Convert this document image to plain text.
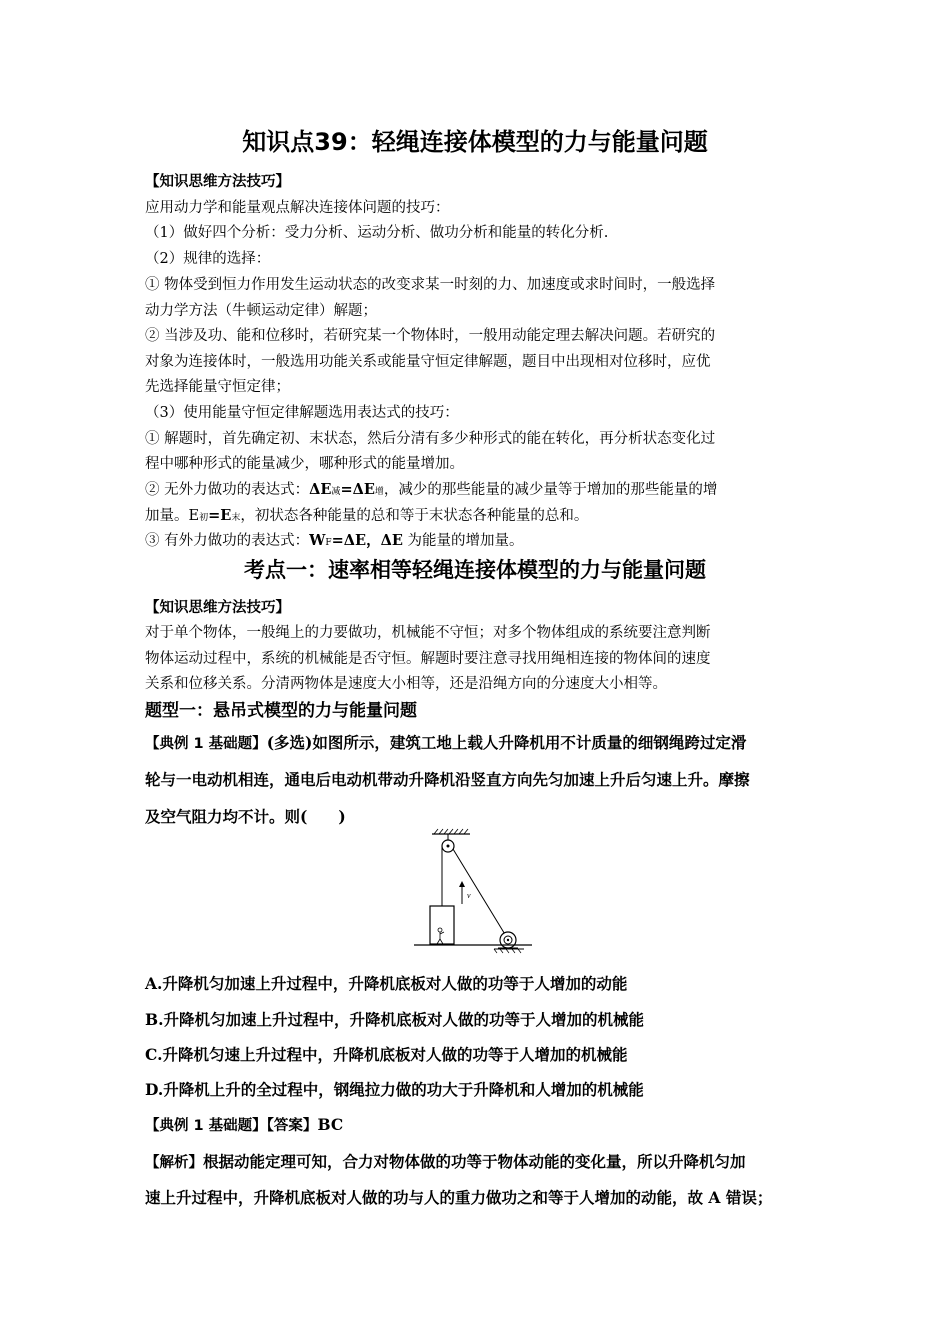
知识点39：轻绳连接体模型的力与能量问题
【知识思维方法技巧】
应用动力学和能量观点解决连接体问题的技巧：
（1）做好四个分析：受力分析、运动分析、做功分析和能量的转化分析.
（2）规律的选择：
① 物体受到恒力作用发生运动状态的改变求某一时刻的力、加速度或求时间时，一般选择
动力学方法（牛顿运动定律）解题；
② 当涉及功、能和位移时，若研究某一个物体时，一般用动能定理去解决问题。若研究的
对象为连接体时，一般选用功能关系或能量守恒定律解题，题目中出现相对位移时，应优
先选择能量守恒定律；
（3）使用能量守恒定律解题选用表达式的技巧：
① 解题时，首先确定初、末状态，然后分清有多少种形式的能在转化，再分析状态变化过
程中哪种形式的能量减少，哪种形式的能量增加。
② 无外力做功的表达式：ΔE减=ΔE增，减少的那些能量的减少量等于增加的那些能量的增
加量。E初=E末，初状态各种能量的总和等于末状态各种能量的总和。
③ 有外力做功的表达式：WF=ΔE，ΔE 为能量的增加量。
考点一：速率相等轻绳连接体模型的力与能量问题
【知识思维方法技巧】
对于单个物体，一般绳上的力要做功，机械能不守恒；对多个物体组成的系统要注意判断
物体运动过程中，系统的机械能是否守恒。解题时要注意寻找用绳相连接的物体间的速度
关系和位移关系。分清两物体是速度大小相等，还是沿绳方向的分速度大小相等。
题型一：悬吊式模型的力与能量问题
【典例 1 基础题】(多选)如图所示，建筑工地上载人升降机用不计质量的细钢绳跨过定滑
轮与一电动机相连，通电后电动机带动升降机沿竖直方向先匀加速上升后匀速上升。摩擦
及空气阻力均不计。则(　　)
v
A.升降机匀加速上升过程中，升降机底板对人做的功等于人增加的动能
B.升降机匀加速上升过程中，升降机底板对人做的功等于人增加的机械能
C.升降机匀速上升过程中，升降机底板对人做的功等于人增加的机械能
D.升降机上升的全过程中，钢绳拉力做的功大于升降机和人增加的机械能
【典例 1 基础题】【答案】BC
【解析】根据动能定理可知，合力对物体做的功等于物体动能的变化量，所以升降机匀加
速上升过程中，升降机底板对人做的功与人的重力做功之和等于人增加的动能，故 A 错误；
